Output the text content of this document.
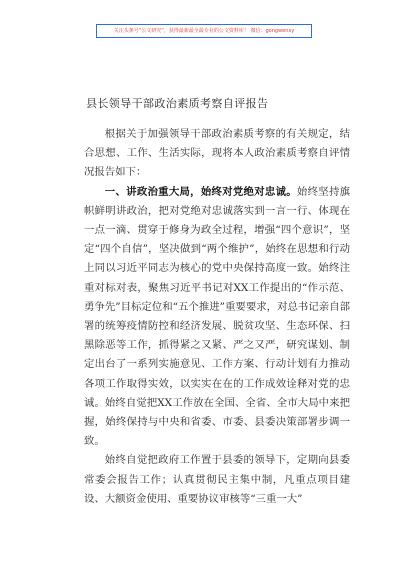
关注头条号“公文研究”，获得最新最全最专业的公文资料库！ 微信：gongwenxy
县长领导干部政治素质考察自评报告

根据关于加强领导干部政治素质考察的有关规定，结合思想、工作、生活实际，现将本人政治素质考察自评情况报告如下：

一、讲政治重大局，始终对党绝对忠诚。始终坚持旗帜鲜明讲政治，把对党绝对忠诚落实到一言一行、体现在一点一滴、贯穿于修身为政全过程，增强“四个意识”，坚定“四个自信”，坚决做到“两个维护”，始终在思想和行动上同以习近平同志为核心的党中央保持高度一致。始终注重对标对表，聚焦习近平书记对XX工作提出的“作示范、勇争先”目标定位和“五个推进”重要要求，对总书记亲自部署的统筹疫情防控和经济发展、脱贫攻坚、生态环保、扫黑除恶等工作，抓得紧之又紧、严之又严，研究谋划、制定出台了一系列实施意见、工作方案、行动计划有力推动各项工作取得实效，以实实在在的工作成效诠释对党的忠诚。始终自觉把XX工作放在全国、全省、全市大局中来把握，始终保持与中央和省委、市委、县委决策部署步调一致。

始终自觉把政府工作置于县委的领导下，定期向县委常委会报告工作；认真贯彻民主集中制，凡重点项目建设、大额资金使用、重要协议审核等“三重一大”
